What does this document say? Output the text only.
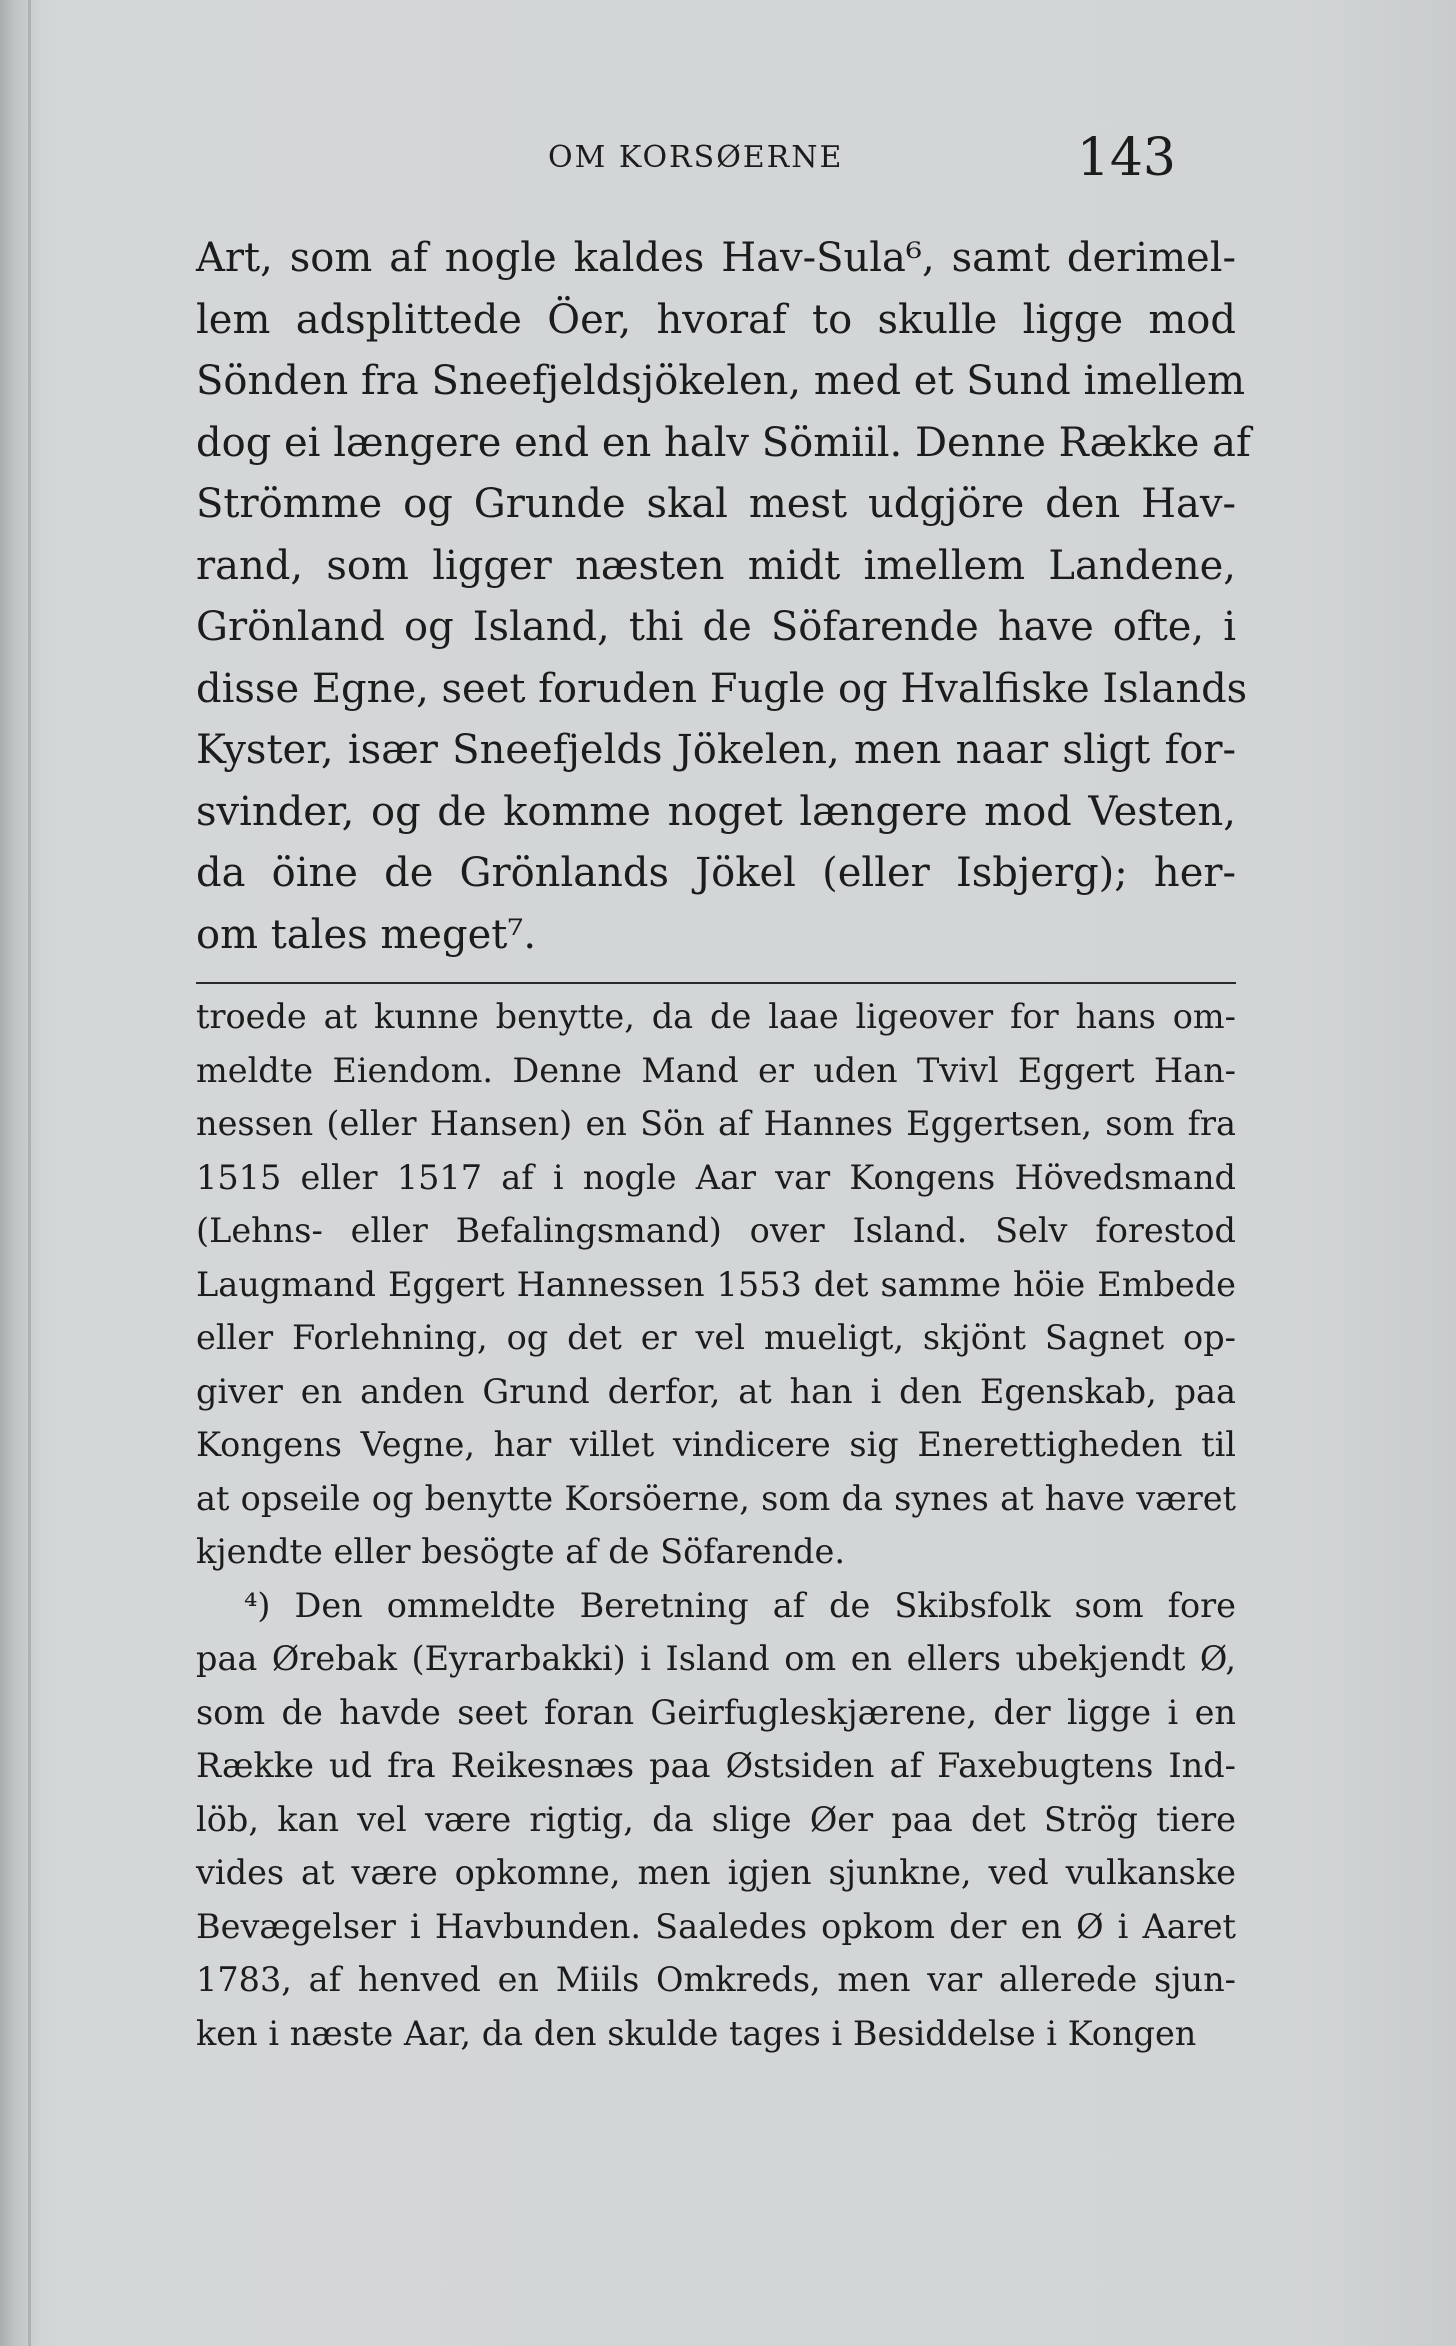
OM KORSØERNE	143
Art, som af nogle kaldes Hav-Sula⁶, samt derimel-
lem adsplittede Öer, hvoraf to skulle ligge mod
Sönden fra Sneefjeldsjökelen, med et Sund imellem
dog ei længere end en halv Sömiil. Denne Række af
Strömme og Grunde skal mest udgjöre den Hav-
rand, som ligger næsten midt imellem Landene,
Grönland og Island, thi de Söfarende have ofte, i
disse Egne, seet foruden Fugle og Hvalfiske Islands
Kyster, især Sneefjelds Jökelen, men naar sligt for-
svinder, og de komme noget længere mod Vesten,
da öine de Grönlands Jökel (eller Isbjerg); her-
om tales meget⁷.
troede at kunne benytte, da de laae ligeover for hans om-
meldte Eiendom. Denne Mand er uden Tvivl Eggert Han-
nessen (eller Hansen) en Sön af Hannes Eggertsen, som fra
1515 eller 1517 af i nogle Aar var Kongens Hövedsmand
(Lehns- eller Befalingsmand) over Island. Selv forestod
Laugmand Eggert Hannessen 1553 det samme höie Embede
eller Forlehning, og det er vel mueligt, skjönt Sagnet op-
giver en anden Grund derfor, at han i den Egenskab, paa
Kongens Vegne, har villet vindicere sig Enerettigheden til
at opseile og benytte Korsöerne, som da synes at have været
kjendte eller besögte af de Söfarende.
⁴) Den ommeldte Beretning af de Skibsfolk som fore
paa Ørebak (Eyrarbakki) i Island om en ellers ubekjendt Ø,
som de havde seet foran Geirfugleskjærene, der ligge i en
Række ud fra Reikesnæs paa Østsiden af Faxebugtens Ind-
löb, kan vel være rigtig, da slige Øer paa det Strög tiere
vides at være opkomne, men igjen sjunkne, ved vulkanske
Bevægelser i Havbunden. Saaledes opkom der en Ø i Aaret
1783, af henved en Miils Omkreds, men var allerede sjun-
ken i næste Aar, da den skulde tages i Besiddelse i Kongen
